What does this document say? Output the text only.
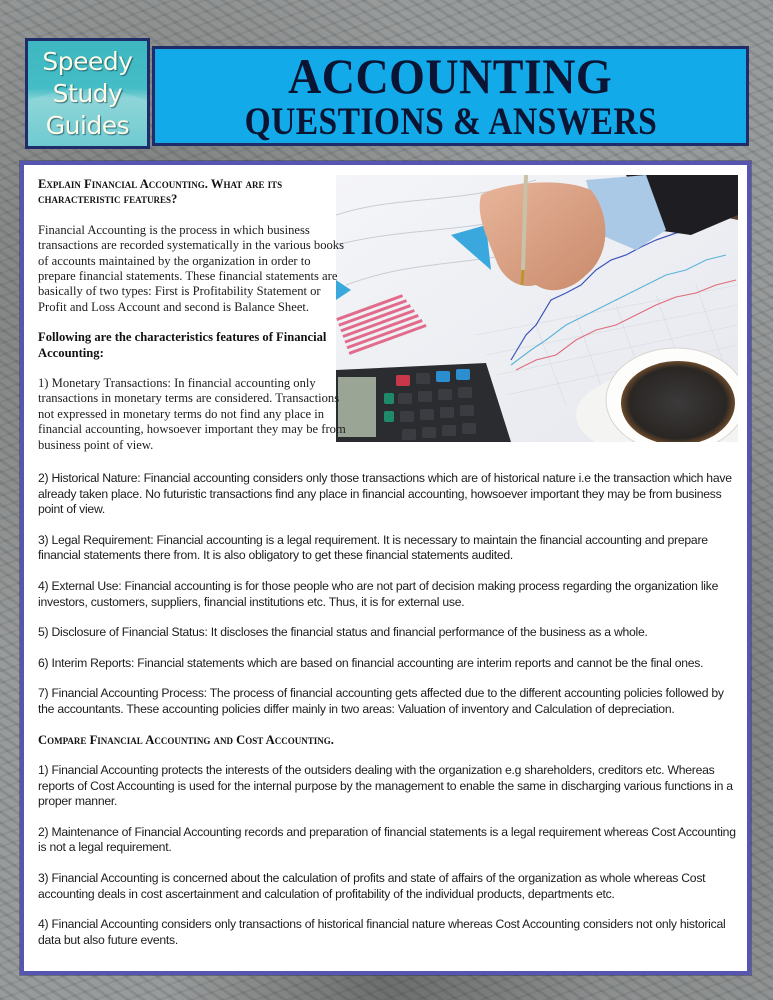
Speedy
Study
Guides
ACCOUNTING
QUESTIONS & ANSWERS

Explain Financial Accounting. What are its characteristic features?

Financial Accounting is the process in which business transactions are recorded systematically in the various books of accounts maintained by the organization in order to prepare financial statements. These financial statements are basically of two types: First is Profitability Statement or Profit and Loss Account and second is Balance Sheet.

Following are the characteristics features of Financial Accounting:

1) Monetary Transactions: In financial accounting only transactions in monetary terms are considered. Transactions not expressed in monetary terms do not find any place in financial accounting, howsoever important they may be from business point of view.

2) Historical Nature: Financial accounting considers only those transactions which are of historical nature i.e the transaction which have already taken place. No futuristic transactions find any place in financial accounting, howsoever important they may be from business point of view.

3) Legal Requirement: Financial accounting is a legal requirement. It is necessary to maintain the financial accounting and prepare financial statements there from. It is also obligatory to get these financial statements audited.

4) External Use: Financial accounting is for those people who are not part of decision making process regarding the organization like investors, customers, suppliers, financial institutions etc. Thus, it is for external use.

5) Disclosure of Financial Status: It discloses the financial status and financial performance of the business as a whole.

6) Interim Reports: Financial statements which are based on financial accounting are interim reports and cannot be the final ones.

7) Financial Accounting Process: The process of financial accounting gets affected due to the different accounting policies followed by the accountants. These accounting policies differ mainly in two areas: Valuation of inventory and Calculation of depreciation.

Compare Financial Accounting and Cost Accounting.

1) Financial Accounting protects the interests of the outsiders dealing with the organization e.g shareholders, creditors etc. Whereas reports of Cost Accounting is used for the internal purpose by the management to enable the same in discharging various functions in a proper manner.

2) Maintenance of Financial Accounting records and preparation of financial statements is a legal requirement whereas Cost Accounting is not a legal requirement.

3) Financial Accounting is concerned about the calculation of profits and state of affairs of the organization as whole whereas Cost accounting deals in cost ascertainment and calculation of profitability of the individual products, departments etc.

4) Financial Accounting considers only transactions of historical financial nature whereas Cost Accounting considers not only historical data but also future events.
